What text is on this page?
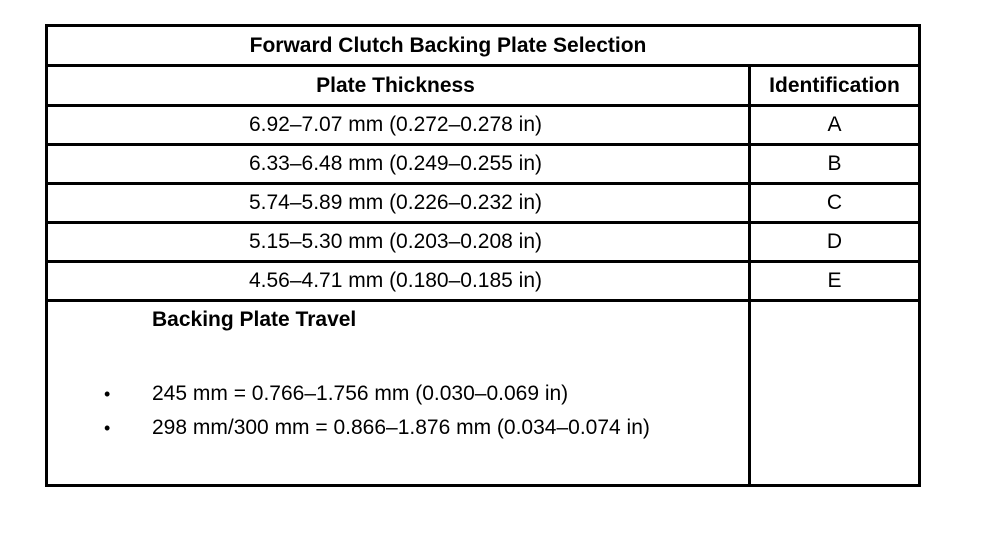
Forward Clutch Backing Plate Selection	
Plate Thickness	Identification
6.92–7.07 mm (0.272–0.278 in)	A
6.33–6.48 mm (0.249–0.255 in)	B
5.74–5.89 mm (0.226–0.232 in)	C
5.15–5.30 mm (0.203–0.208 in)	D
4.56–4.71 mm (0.180–0.185 in)	E

Backing Plate Travel
• 245 mm = 0.766–1.756 mm (0.030–0.069 in)
• 298 mm/300 mm = 0.866–1.876 mm (0.034–0.074 in)	
